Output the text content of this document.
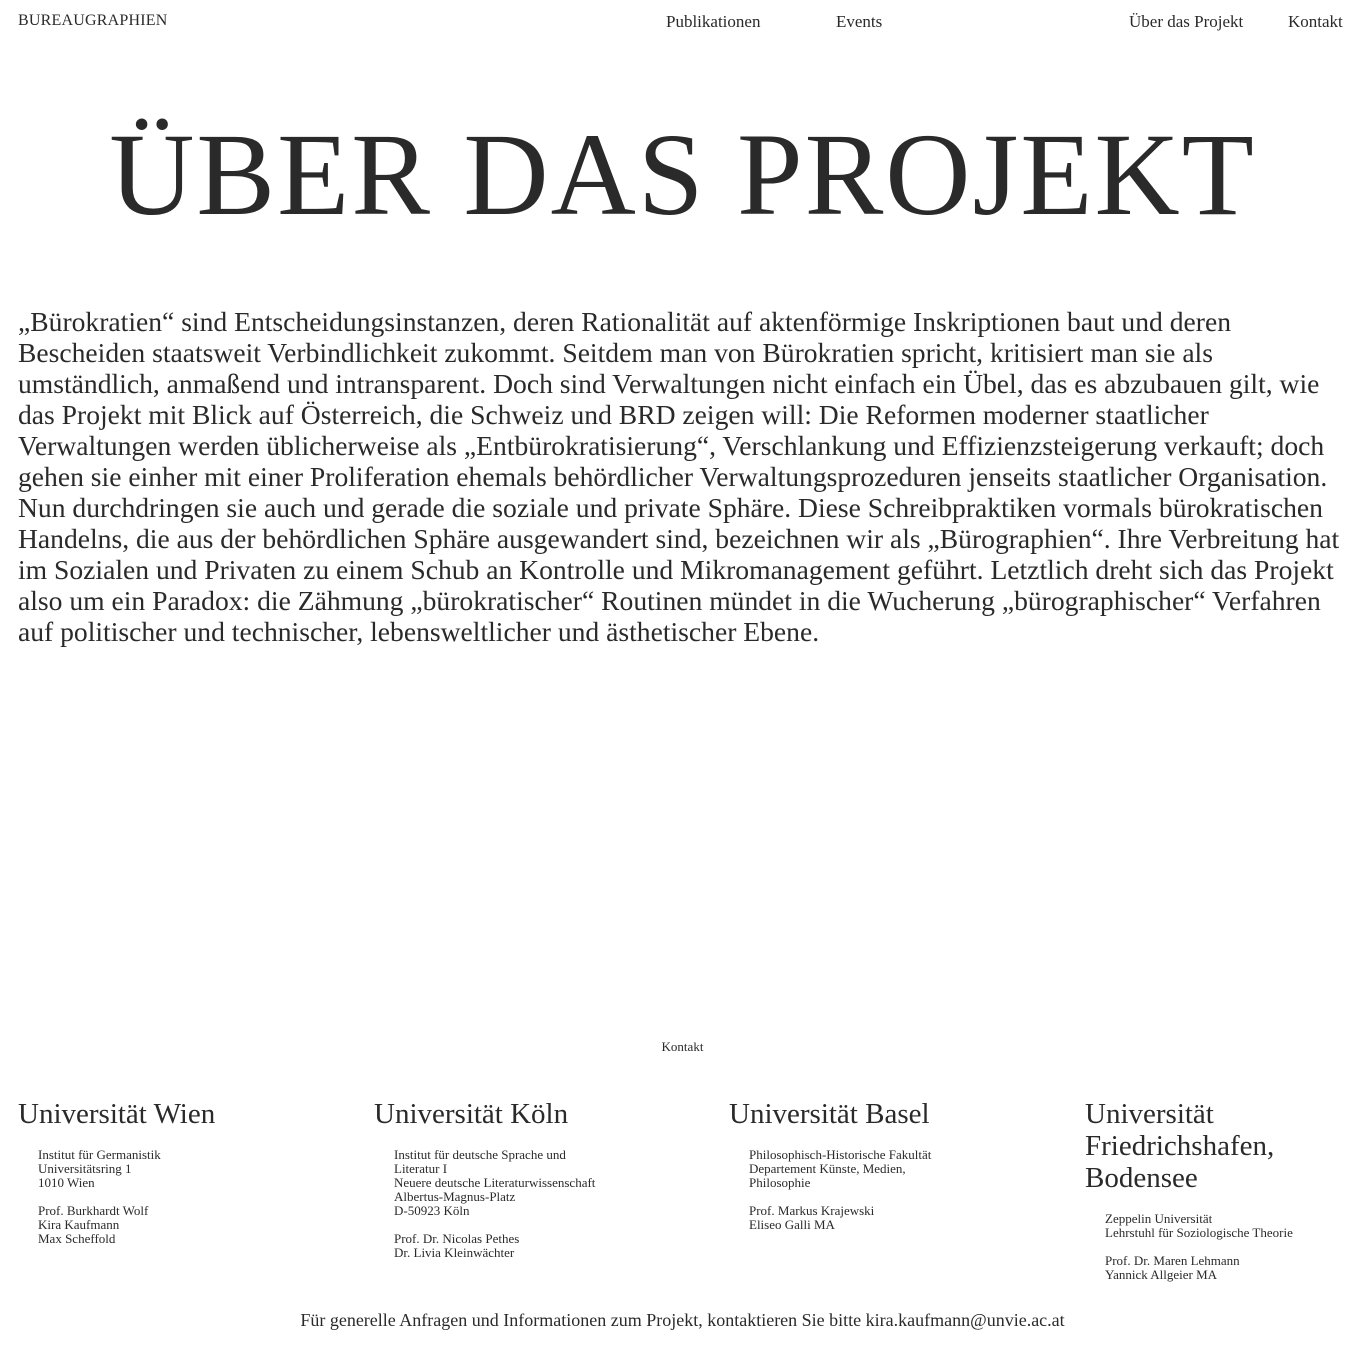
BUREAUGRAPHIEN	Publikationen	Events	Über das Projekt	Kontakt
ÜBER DAS PROJEKT

„Bürokratien“ sind Entscheidungsinstanzen, deren Rationalität auf aktenförmige Inskriptionen baut und deren Bescheiden staatsweit Verbindlichkeit zukommt. Seitdem man von Bürokratien spricht, kritisiert man sie als umständlich, anmaßend und intransparent. Doch sind Verwaltungen nicht einfach ein Übel, das es abzubauen gilt, wie das Projekt mit Blick auf Österreich, die Schweiz und BRD zeigen will: Die Reformen moderner staatlicher Verwaltungen werden üblicherweise als „Entbürokratisierung“, Verschlankung und Effizienzsteigerung verkauft; doch gehen sie einher mit einer Proliferation ehemals behördlicher Verwaltungsprozeduren jenseits staatlicher Organisation. Nun durchdringen sie auch und gerade die soziale und private Sphäre. Diese Schreibpraktiken vormals bürokratischen Handelns, die aus der behördlichen Sphäre ausgewandert sind, bezeichnen wir als „Bürographien“. Ihre Verbreitung hat im Sozialen und Privaten zu einem Schub an Kontrolle und Mikromanagement geführt. Letztlich dreht sich das Projekt also um ein Paradox: die Zähmung „bürokratischer“ Routinen mündet in die Wucherung „bürographischer“ Verfahren auf politischer und technischer, lebensweltlicher und ästhetischer Ebene.

Kontakt
Universität Wien
Institut für Germanistik
Universitätsring 1
1010 Wien
Prof. Burkhardt Wolf
Kira Kaufmann
Max Scheffold
Universität Köln
Institut für deutsche Sprache und
Literatur I
Neuere deutsche Literaturwissenschaft
Albertus-Magnus-Platz
D-50923 Köln
Prof. Dr. Nicolas Pethes
Dr. Livia Kleinwächter
Universität Basel
Philosophisch-Historische Fakultät
Departement Künste, Medien,
Philosophie
Prof. Markus Krajewski
Eliseo Galli MA
Universität
Friedrichshafen,
Bodensee
Zeppelin Universität
Lehrstuhl für Soziologische Theorie
Prof. Dr. Maren Lehmann
Yannick Allgeier MA
Für generelle Anfragen und Informationen zum Projekt, kontaktieren Sie bitte kira.kaufmann@unvie.ac.at
